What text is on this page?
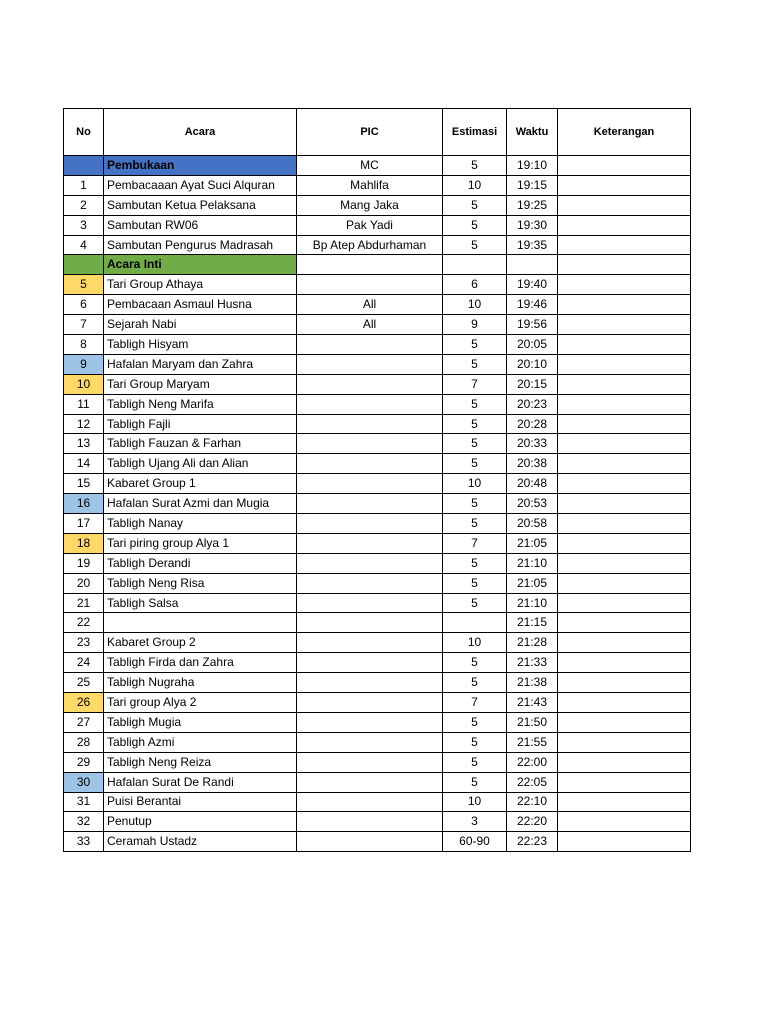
No	Acara	PIC	Estimasi	Waktu	Keterangan
	Pembukaan	MC	5	19:10	
1	Pembacaaan Ayat Suci Alquran	Mahlifa	10	19:15	
2	Sambutan Ketua Pelaksana	Mang Jaka	5	19:25	
3	Sambutan RW06	Pak Yadi	5	19:30	
4	Sambutan Pengurus Madrasah	Bp Atep Abdurhaman	5	19:35	
	Acara Inti				
5	Tari Group Athaya		6	19:40	
6	Pembacaan Asmaul Husna	All	10	19:46	
7	Sejarah Nabi	All	9	19:56	
8	Tabligh Hisyam		5	20:05	
9	Hafalan Maryam dan Zahra		5	20:10	
10	Tari Group Maryam		7	20:15	
11	Tabligh Neng Marifa		5	20:23	
12	Tabligh Fajli		5	20:28	
13	Tabligh Fauzan & Farhan		5	20:33	
14	Tabligh Ujang Ali dan Alian		5	20:38	
15	Kabaret Group 1		10	20:48	
16	Hafalan Surat Azmi dan Mugia		5	20:53	
17	Tabligh Nanay		5	20:58	
18	Tari piring group Alya 1		7	21:05	
19	Tabligh Derandi		5	21:10	
20	Tabligh Neng Risa		5	21:05	
21	Tabligh Salsa		5	21:10	
22				21:15	
23	Kabaret Group 2		10	21:28	
24	Tabligh Firda dan Zahra		5	21:33	
25	Tabligh Nugraha		5	21:38	
26	Tari group Alya 2		7	21:43	
27	Tabligh Mugia		5	21:50	
28	Tabligh Azmi		5	21:55	
29	Tabligh Neng Reiza		5	22:00	
30	Hafalan Surat De Randi		5	22:05	
31	Puisi Berantai		10	22:10	
32	Penutup		3	22:20	
33	Ceramah Ustadz		60-90	22:23	
